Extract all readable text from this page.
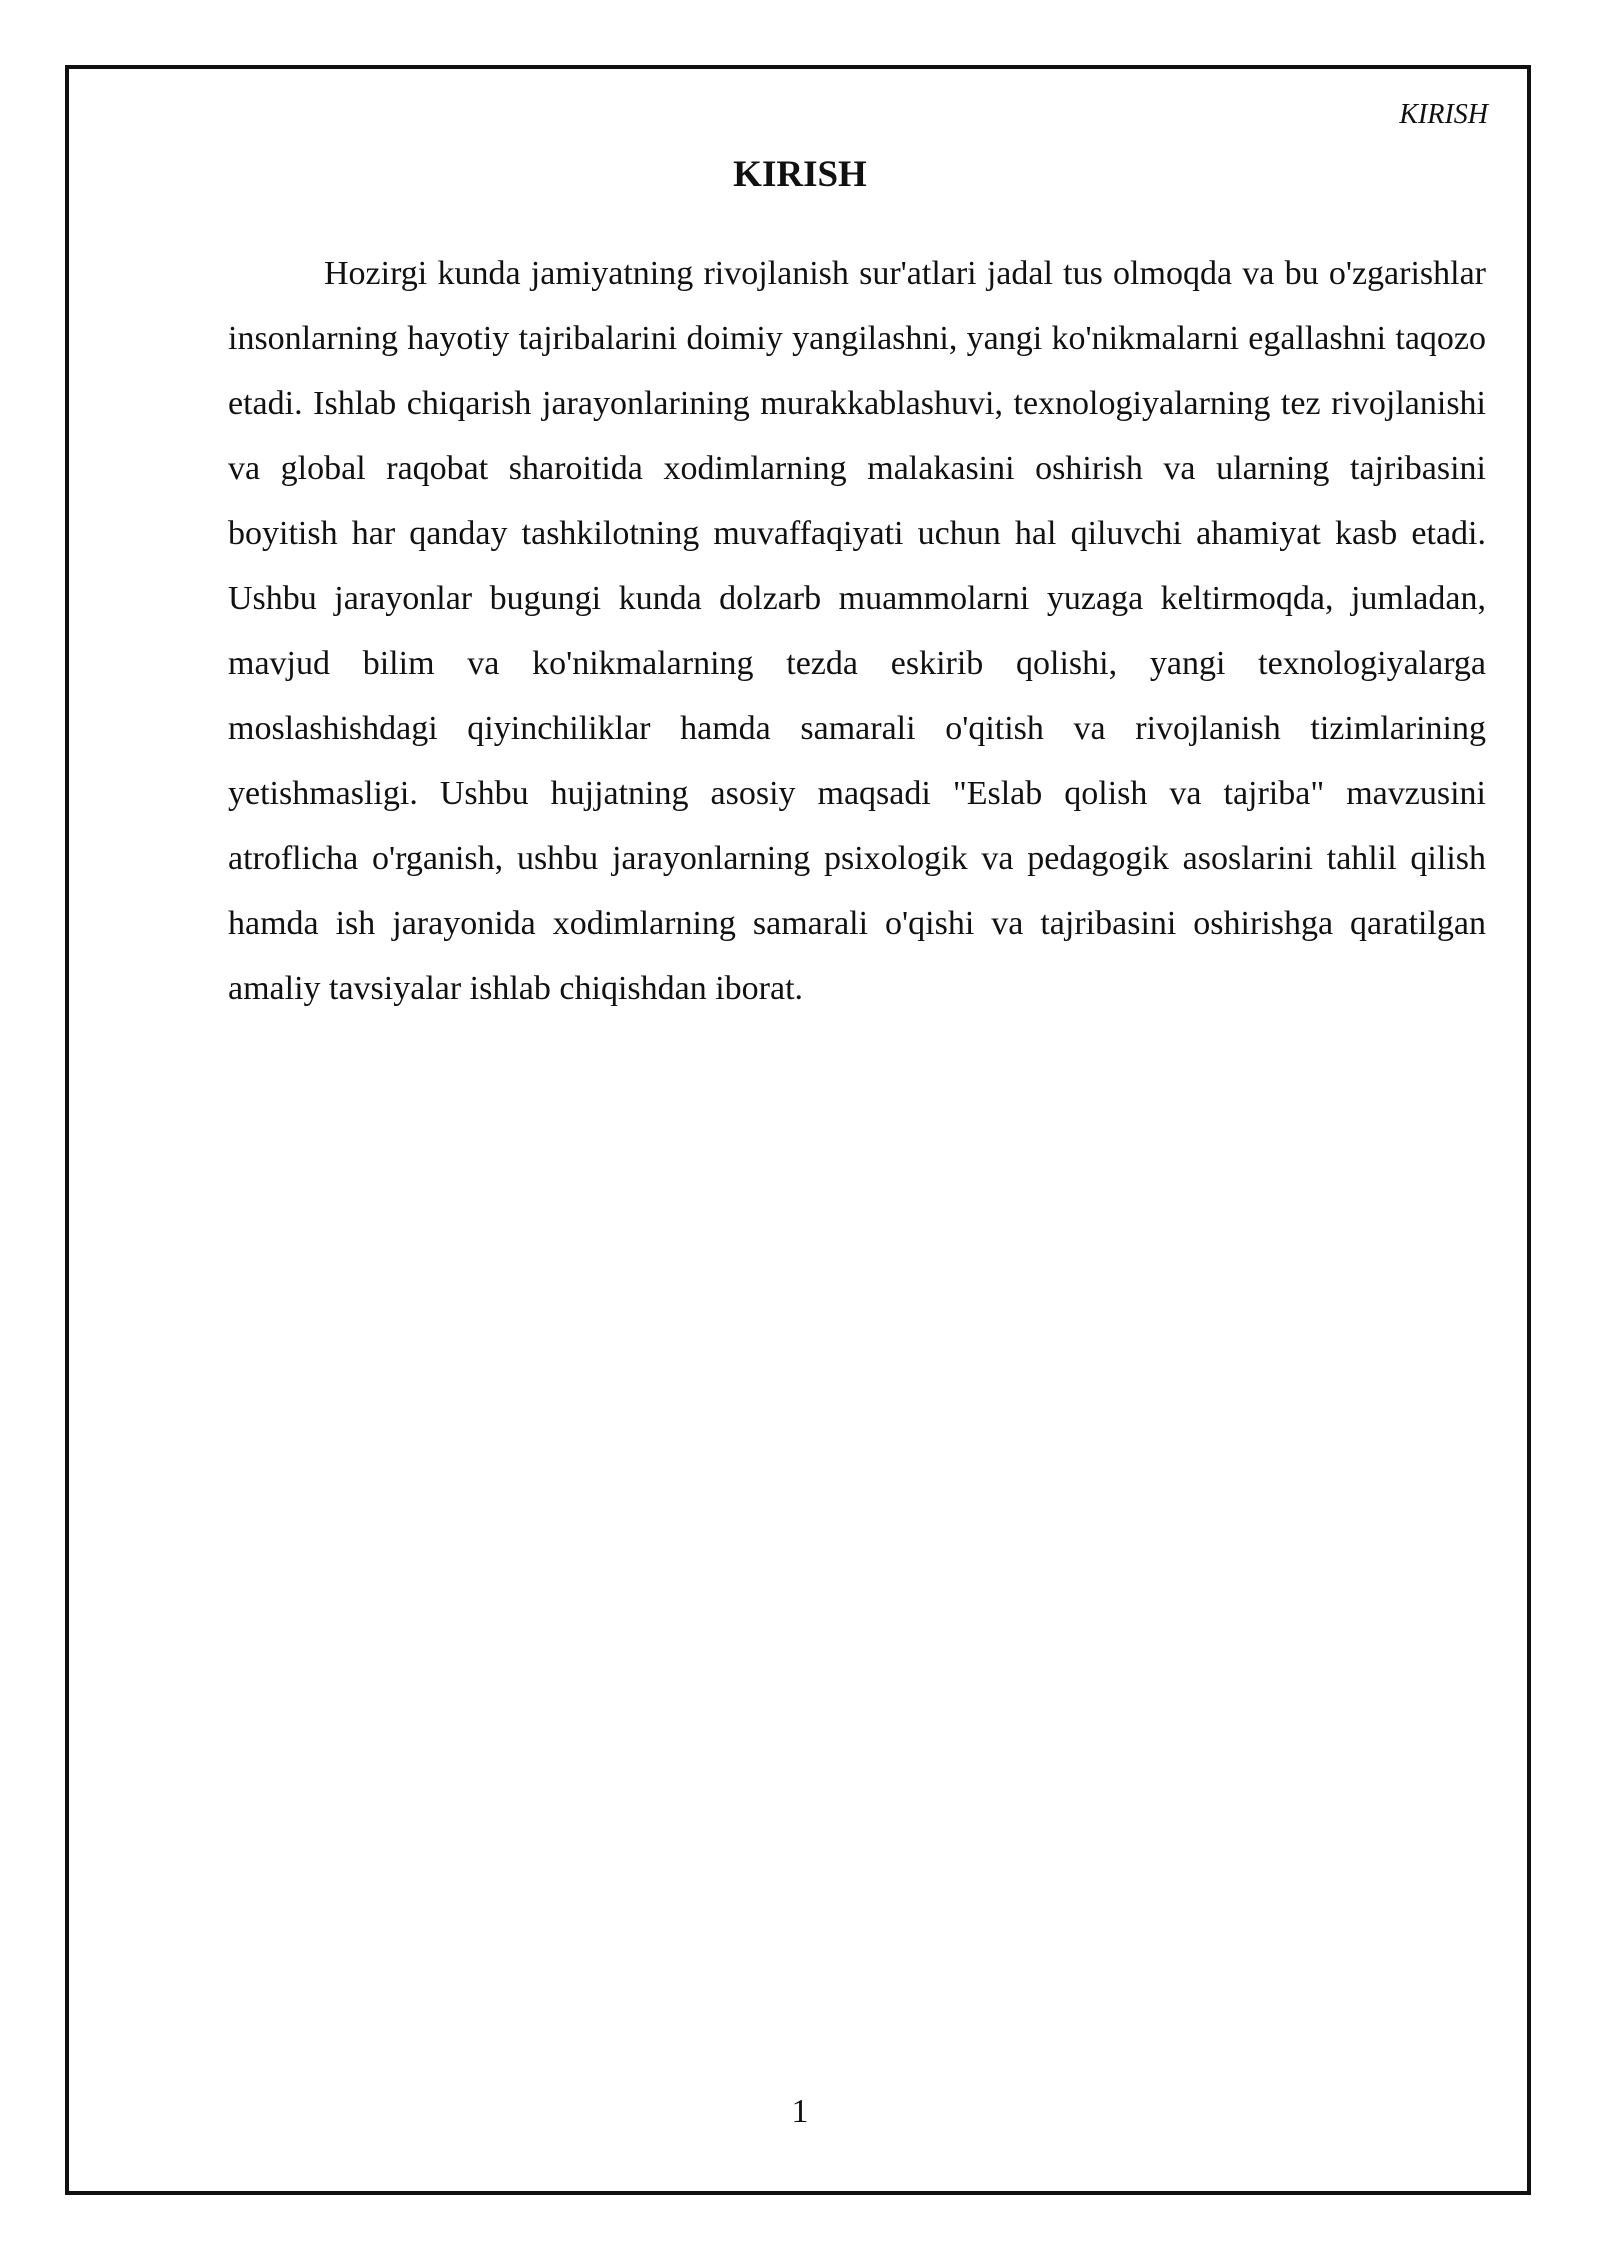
KIRISH

KIRISH

Hozirgi kunda jamiyatning rivojlanish sur'atlari jadal tus olmoqda va bu o'zgarishlar insonlarning hayotiy tajribalarini doimiy yangilashni, yangi ko'nikmalarni egallashni taqozo etadi. Ishlab chiqarish jarayonlarining murakkablashuvi, texnologiyalarning tez rivojlanishi va global raqobat sharoitida xodimlarning malakasini oshirish va ularning tajribasini boyitish har qanday tashkilotning muvaffaqiyati uchun hal qiluvchi ahamiyat kasb etadi. Ushbu jarayonlar bugungi kunda dolzarb muammolarni yuzaga keltirmoqda, jumladan, mavjud bilim va ko'nikmalarning tezda eskirib qolishi, yangi texnologiyalarga moslashishdagi qiyinchiliklar hamda samarali o'qitish va rivojlanish tizimlarining yetishmasligi. Ushbu hujjatning asosiy maqsadi "Eslab qolish va tajriba" mavzusini atroflicha o'rganish, ushbu jarayonlarning psixologik va pedagogik asoslarini tahlil qilish hamda ish jarayonida xodimlarning samarali o'qishi va tajribasini oshirishga qaratilgan amaliy tavsiyalar ishlab chiqishdan iborat.

1
